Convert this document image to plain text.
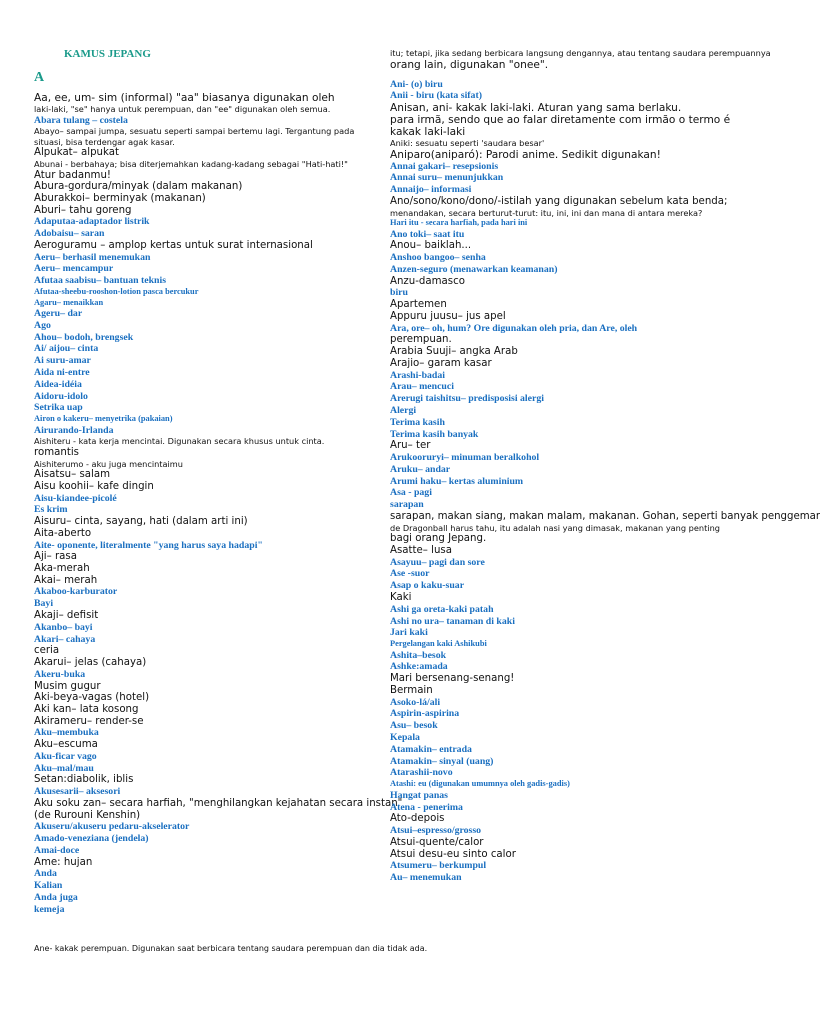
KAMUS JEPANG
A
Aa, ee, um- sim (informal) "aa" biasanya digunakan oleh
laki-laki, "se" hanya untuk perempuan, dan "ee" digunakan oleh semua.
Abara tulang – costela
Abayo– sampai jumpa, sesuatu seperti sampai bertemu lagi. Tergantung pada
situasi, bisa terdengar agak kasar.
Alpukat– alpukat
Abunai - berbahaya; bisa diterjemahkan kadang-kadang sebagai "Hati-hati!"
Atur badanmu!
Abura-gordura/minyak (dalam makanan)
Aburakkoi– berminyak (makanan)
Aburi– tahu goreng
Adaputaa-adaptador listrik
Adobaisu– saran
Aeroguramu – amplop kertas untuk surat internasional
Aeru– berhasil menemukan
Aeru– mencampur
Afutaa saabisu– bantuan teknis
Afutaa-sheebu-rooshon-lotion pasca bercukur
Agaru– menaikkan
Ageru– dar
Ago
Ahou– bodoh, brengsek
Ai/ aijou– cinta
Ai suru-amar
Aida ni-entre
Aidea-idéia
Aidoru-idolo
Setrika uap
Airon o kakeru– menyetrika (pakaian)
Airurando-Irlanda
Aishiteru - kata kerja mencintai. Digunakan secara khusus untuk cinta.
romantis
Aishiterumo - aku juga mencintaimu
Aisatsu– salam
Aisu koohii– kafe dingin
Aisu-kiandee-picolé
Es krim
Aisuru– cinta, sayang, hati (dalam arti ini)
Aita-aberto
Aite- oponente, literalmente "yang harus saya hadapi"
Aji– rasa
Aka-merah
Akai– merah
Akaboo-karburator
Bayi
Akaji– defisit
Akanbo– bayi
Akari– cahaya
ceria
Akarui– jelas (cahaya)
Akeru-buka
Musim gugur
Aki-beya-vagas (hotel)
Aki kan– lata kosong
Akirameru– render-se
Aku–membuka
Aku–escuma
Aku-ficar vago
Aku–mal/mau
Setan:diabolik, iblis
Akusesarii– aksesori
Aku soku zan– secara harfiah, "menghilangkan kejahatan secara instan"
(de Rurouni Kenshin)
Akuseru/akuseru pedaru-akselerator
Amado-veneziana (jendela)
Amai-doce
Ame: hujan
Anda
Kalian
Anda juga
kemeja
itu; tetapi, jika sedang berbicara langsung dengannya, atau tentang saudara perempuannya
orang lain, digunakan "onee".
Ani- (o) biru
Anii - biru (kata sifat)
Anisan, ani- kakak laki-laki. Aturan yang sama berlaku.
para irmã, sendo que ao falar diretamente com irmão o termo é
kakak laki-laki
Aniki: sesuatu seperti 'saudara besar'
Aniparo(aniparó): Parodi anime. Sedikit digunakan!
Annai gakari– resepsionis
Annai suru– menunjukkan
Annaijo– informasi
Ano/sono/kono/dono/-istilah yang digunakan sebelum kata benda;
menandakan, secara berturut-turut: itu, ini, ini dan mana di antara mereka?
Hari itu - secara harfiah, pada hari ini
Ano toki– saat itu
Anou– baiklah...
Anshoo bangoo– senha
Anzen-seguro (menawarkan keamanan)
Anzu-damasco
biru
Apartemen
Appuru juusu– jus apel
Ara, ore– oh, hum? Ore digunakan oleh pria, dan Are, oleh
perempuan.
Arabia Suuji– angka Arab
Arajio– garam kasar
Arashi-badai
Arau– mencuci
Arerugi taishitsu– predisposisi alergi
Alergi
Terima kasih
Terima kasih banyak
Aru– ter
Arukooruryi– minuman beralkohol
Aruku– andar
Arumi haku– kertas aluminium
Asa - pagi
sarapan
sarapan, makan siang, makan malam, makanan. Gohan, seperti banyak penggemar
de Dragonball harus tahu, itu adalah nasi yang dimasak, makanan yang penting
bagi orang Jepang.
Asatte– lusa
Asayuu– pagi dan sore
Ase -suor
Asap o kaku-suar
Kaki
Ashi ga oreta-kaki patah
Ashi no ura– tanaman di kaki
Jari kaki
Pergelangan kaki Ashikubi
Ashita–besok
Ashke:amada
Mari bersenang-senang!
Bermain
Asoko-lá/ali
Aspirin-aspirina
Asu– besok
Kepala
Atamakin– entrada
Atamakin– sinyal (uang)
Atarashii-novo
Atashi: eu (digunakan umumnya oleh gadis-gadis)
Hangat panas
Atena - penerima
Ato-depois
Atsui–espresso/grosso
Atsui-quente/calor
Atsui desu-eu sinto calor
Atsumeru– berkumpul
Au– menemukan
Ane- kakak perempuan. Digunakan saat berbicara tentang saudara perempuan dan dia tidak ada.
